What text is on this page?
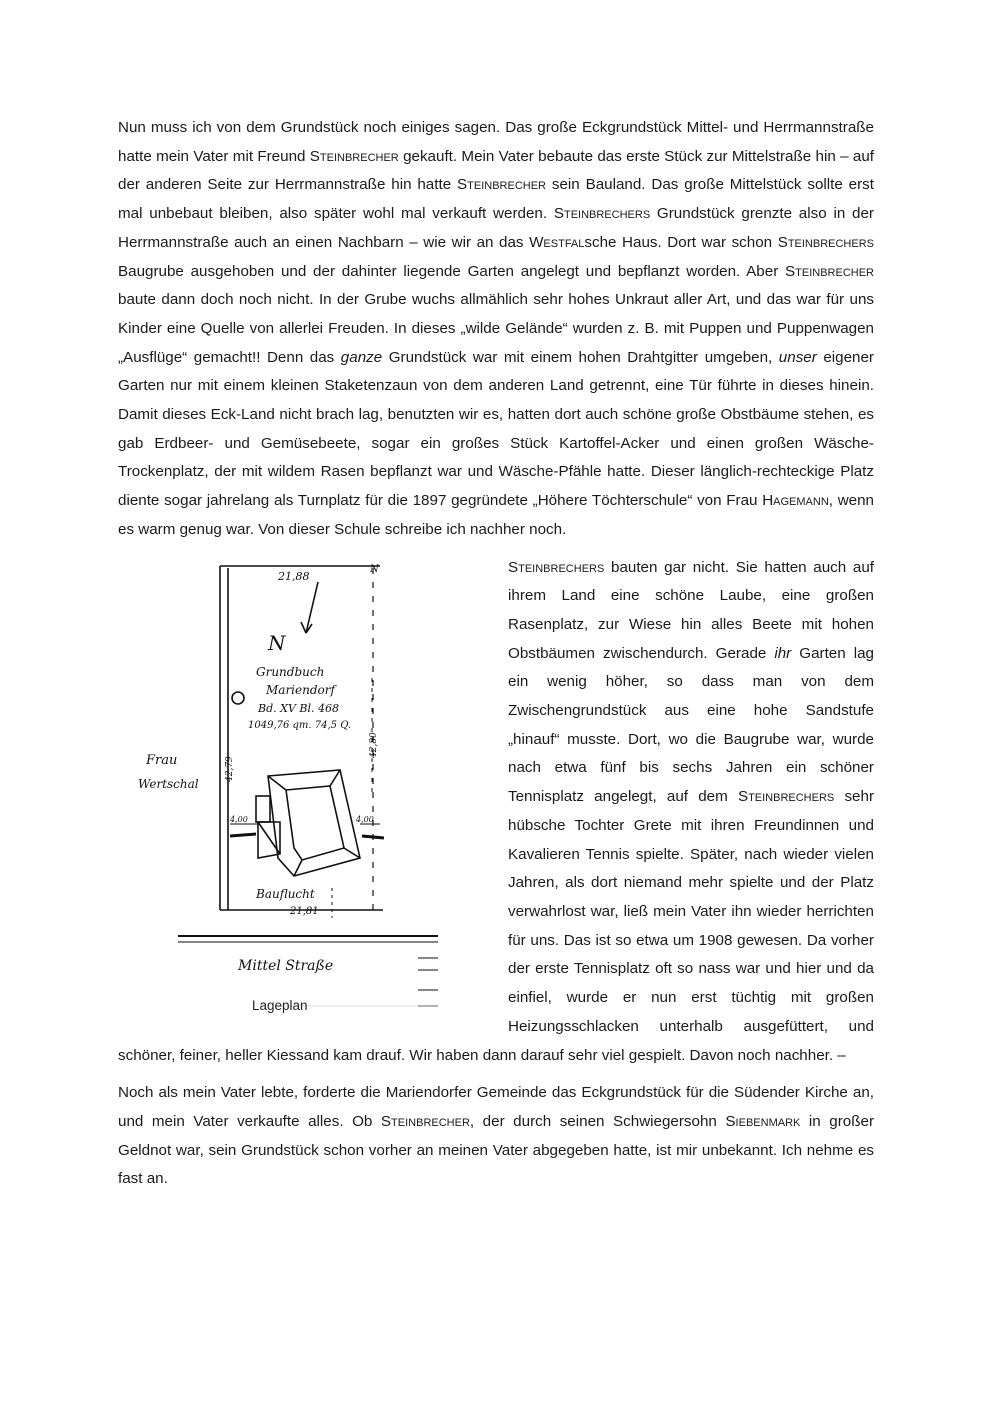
Nun muss ich von dem Grundstück noch einiges sagen. Das große Eckgrundstück Mittel- und Herrmannstraße hatte mein Vater mit Freund Steinbrecher gekauft. Mein Vater bebaute das erste Stück zur Mittelstraße hin – auf der anderen Seite zur Herrmannstraße hin hatte Steinbrecher sein Bauland. Das große Mittelstück sollte erst mal unbebaut bleiben, also später wohl mal verkauft werden. Steinbrechers Grundstück grenzte also in der Herrmannstraße auch an einen Nachbarn – wie wir an das Westfalsche Haus. Dort war schon Steinbrechers Baugrube ausgehoben und der dahinter liegende Garten angelegt und bepflanzt worden. Aber Steinbrecher baute dann doch noch nicht. In der Grube wuchs allmählich sehr hohes Unkraut aller Art, und das war für uns Kinder eine Quelle von allerlei Freuden. In dieses „wilde Gelände“ wurden z. B. mit Puppen und Puppenwagen „Ausflüge“ gemacht!! Denn das ganze Grundstück war mit einem hohen Drahtgitter umgeben, unser eigener Garten nur mit einem kleinen Staketenzaun von dem anderen Land getrennt, eine Tür führte in dieses hinein. Damit dieses Eck-Land nicht brach lag, benutzten wir es, hatten dort auch schöne große Obstbäume stehen, es gab Erdbeer- und Gemüsebeete, sogar ein großes Stück Kartoffel-Acker und einen großen Wäsche-Trockenplatz, der mit wildem Rasen bepflanzt war und Wäsche-Pfähle hatte. Dieser länglich-rechteckige Platz diente sogar jahrelang als Turnplatz für die 1897 gegründete „Höhere Töchterschule“ von Frau Hagemann, wenn es warm genug war. Von dieser Schule schreibe ich nachher noch.

21,88
N
N
Grundbuch
Mariendorf
Bd. XV Bl. 468
1049,76 qm. 74,5 Q.
42,79
42,80
Frau
Wertschal
4,00	4,00
Bauflucht
21,81
Mittel Straße
Lageplan
Steinbrechers bauten gar nicht. Sie hatten auch auf ihrem Land eine schöne Laube, eine großen Rasenplatz, zur Wiese hin alles Beete mit hohen Obstbäumen zwischendurch. Gerade ihr Garten lag ein wenig höher, so dass man von dem Zwischengrundstück aus eine hohe Sandstufe „hinauf“ musste. Dort, wo die Baugrube war, wurde nach etwa fünf bis sechs Jahren ein schöner Tennisplatz angelegt, auf dem Steinbrechers sehr hübsche Tochter Grete mit ihren Freundinnen und Kavalieren Tennis spielte. Später, nach wieder vielen Jahren, als dort niemand mehr spielte und der Platz verwahrlost war, ließ mein Vater ihn wieder herrichten für uns. Das ist so etwa um 1908 gewesen. Da vorher der erste Tennisplatz oft so nass war und hier und da einfiel, wurde er nun erst tüchtig mit großen Heizungsschlacken unterhalb ausgefüttert, und schöner, feiner, heller Kiessand kam drauf. Wir haben dann darauf sehr viel gespielt. Davon noch nachher. –

Noch als mein Vater lebte, forderte die Mariendorfer Gemeinde das Eckgrundstück für die Südender Kirche an, und mein Vater verkaufte alles. Ob Steinbrecher, der durch seinen Schwiegersohn Siebenmark in großer Geldnot war, sein Grundstück schon vorher an meinen Vater abgegeben hatte, ist mir unbekannt. Ich nehme es fast an.
